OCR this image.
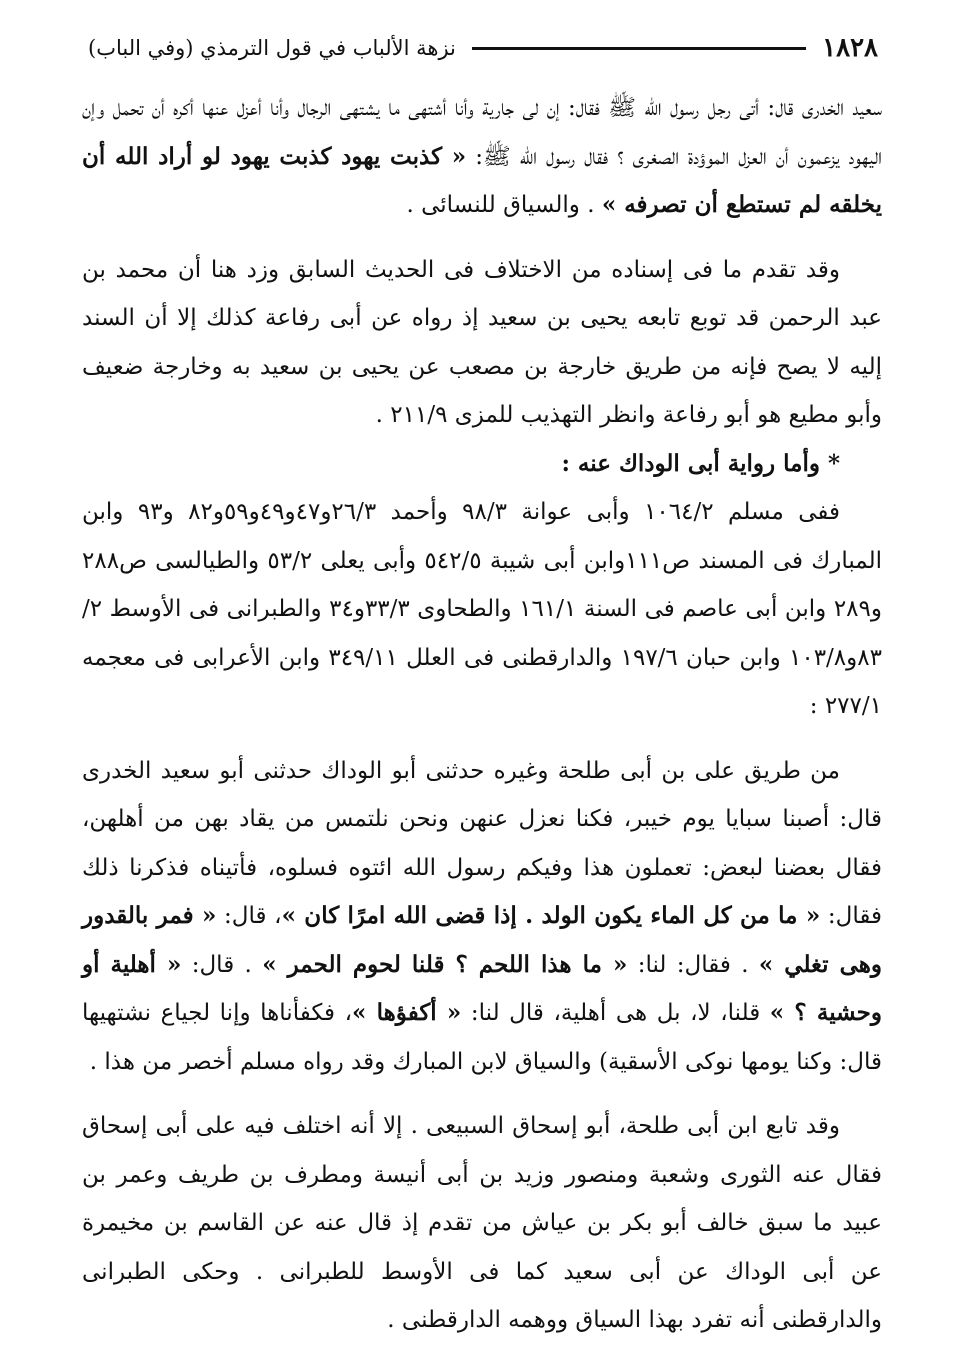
١٨٢٨
نزهة الألباب في قول الترمذي (وفي الباب)

سعيد الخدرى قال: أتى رجل رسول الله ﷺ فقال: إن لى جارية وأنا أشتهى ما يشتهى الرجال وأنا أعزل عنها أكره أن تحمل وإن اليهود يزعمون أن العزل الموؤدة الصغرى ؟ فقال رسول الله ﷺ: « كذبت يهود كذبت يهود لو أراد الله أن يخلقه لم تستطع أن تصرفه » . والسياق للنسائى .

وقد تقدم ما فى إسناده من الاختلاف فى الحديث السابق وزد هنا أن محمد بن عبد الرحمن قد توبع تابعه يحيى بن سعيد إذ رواه عن أبى رفاعة كذلك إلا أن السند إليه لا يصح فإنه من طريق خارجة بن مصعب عن يحيى بن سعيد به وخارجة ضعيف وأبو مطيع هو أبو رفاعة وانظر التهذيب للمزى ٢١١/٩ .

* وأما رواية أبى الوداك عنه :

ففى مسلم ١٠٦٤/٢ وأبى عوانة ٩٨/٣ وأحمد ٢٦/٣و٤٧و٤٩و٥٩و٨٢ و٩٣ وابن المبارك فى المسند ص١١١وابن أبى شيبة ٥٤٢/٥ وأبى يعلى ٥٣/٢ والطيالسى ص٢٨٨ و٢٨٩ وابن أبى عاصم فى السنة ١٦١/١ والطحاوى ٣٣/٣و٣٤ والطبرانى فى الأوسط ٢/ ٨٣و١٠٣/٨ وابن حبان ١٩٧/٦ والدارقطنى فى العلل ٣٤٩/١١ وابن الأعرابى فى معجمه ٢٧٧/١ :

من طريق على بن أبى طلحة وغيره حدثنى أبو الوداك حدثنى أبو سعيد الخدرى قال: أصبنا سبايا يوم خيبر، فكنا نعزل عنهن ونحن نلتمس من يقاد بهن من أهلهن، فقال بعضنا لبعض: تعملون هذا وفيكم رسول الله ائتوه فسلوه، فأتيناه فذكرنا ذلك فقال: « ما من كل الماء يكون الولد . إذا قضى الله امرًا كان »، قال: « فمر بالقدور وهى تغلي » . فقال: لنا: « ما هذا اللحم ؟ قلنا لحوم الحمر » . قال: « أهلية أو وحشية ؟ » قلنا، لا، بل هى أهلية، قال لنا: « أكفؤها »، فكفأناها وإنا لجياع نشتهيها قال: وكنا يومها نوكى الأسقية) والسياق لابن المبارك وقد رواه مسلم أخصر من هذا .

وقد تابع ابن أبى طلحة، أبو إسحاق السبيعى . إلا أنه اختلف فيه على أبى إسحاق فقال عنه الثورى وشعبة ومنصور وزيد بن أبى أنيسة ومطرف بن طريف وعمر بن عبيد ما سبق خالف أبو بكر بن عياش من تقدم إذ قال عنه عن القاسم بن مخيمرة عن أبى الوداك عن أبى سعيد كما فى الأوسط للطبرانى . وحكى الطبرانى والدارقطنى أنه تفرد بهذا السياق ووهمه الدارقطنى .
